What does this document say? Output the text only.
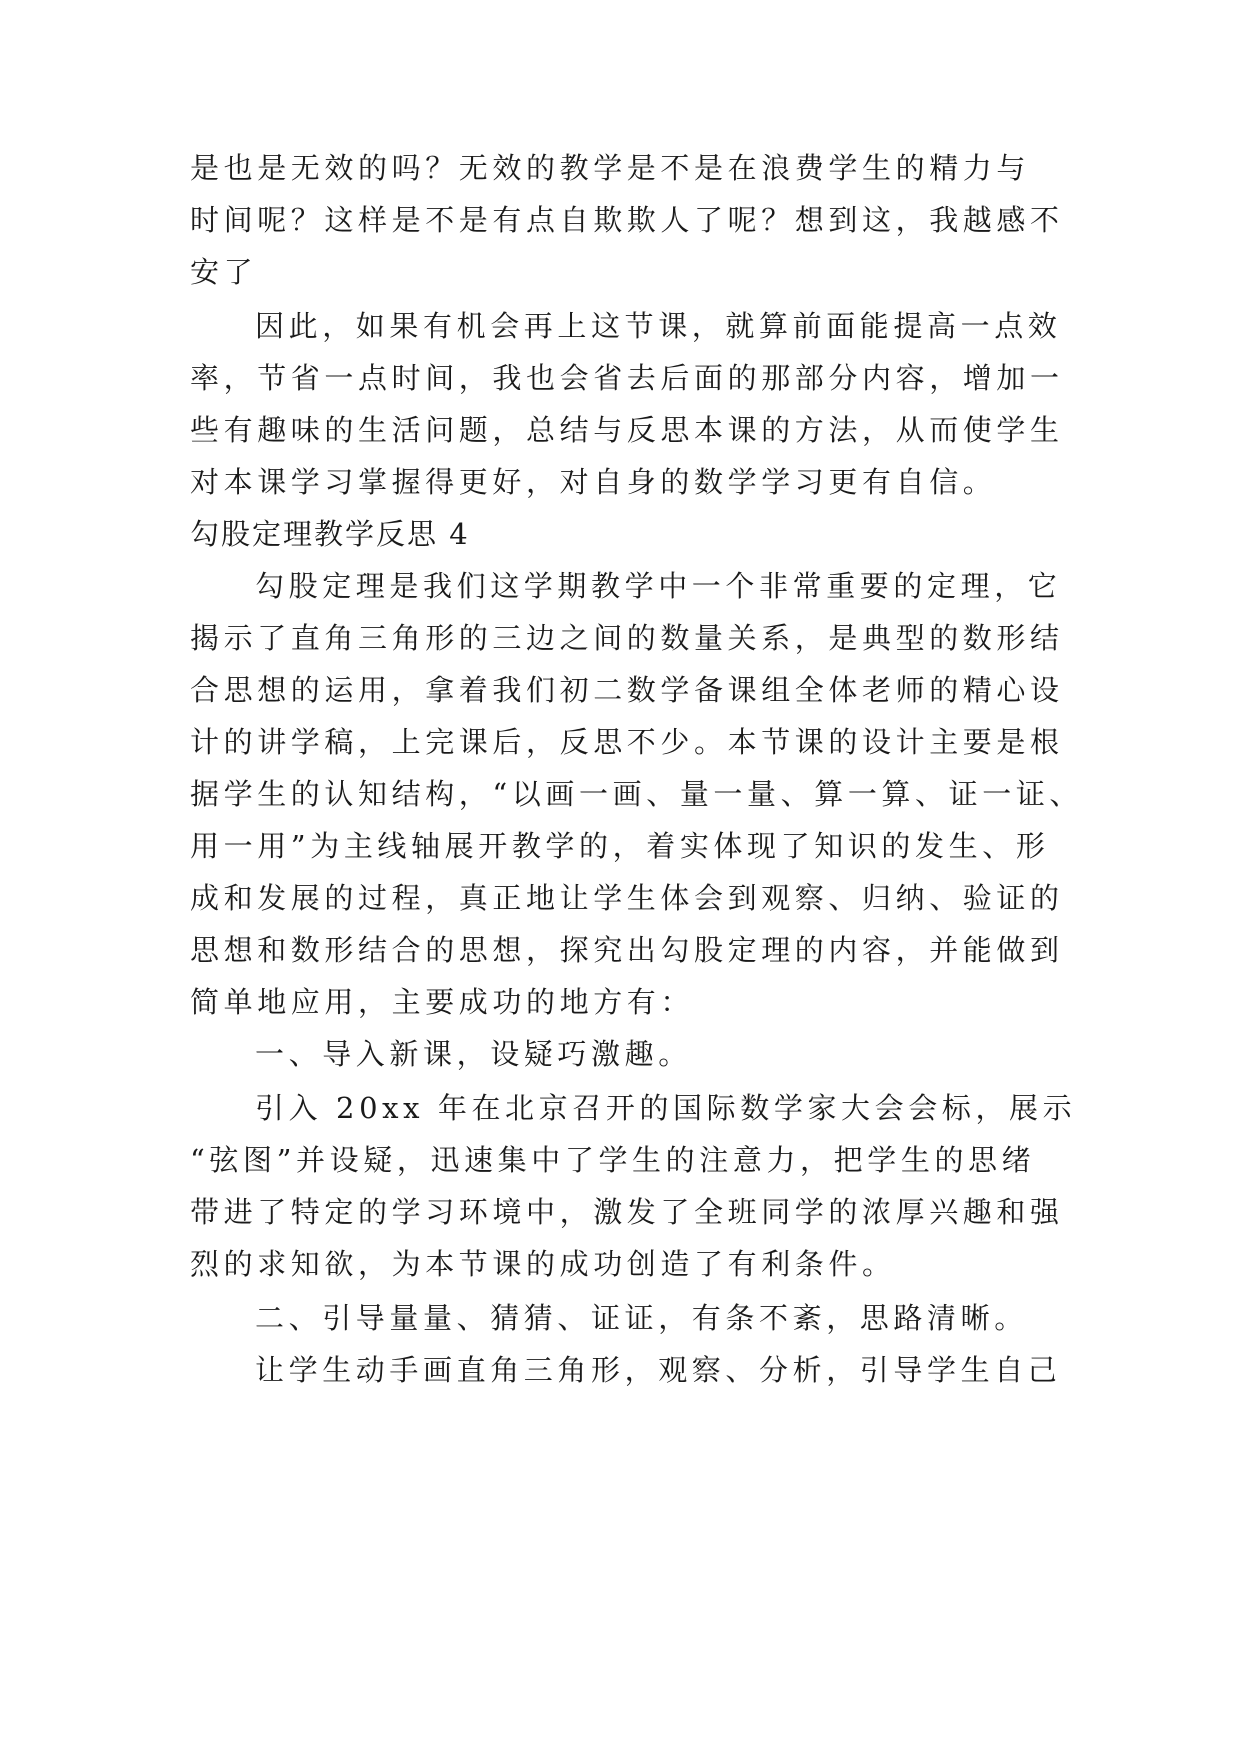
是也是无效的吗？无效的教学是不是在浪费学生的精力与
时间呢？这样是不是有点自欺欺人了呢？想到这，我越感不
安了
因此，如果有机会再上这节课，就算前面能提高一点效
率，节省一点时间，我也会省去后面的那部分内容，增加一
些有趣味的生活问题，总结与反思本课的方法，从而使学生
对本课学习掌握得更好，对自身的数学学习更有自信。
勾股定理教学反思 4
勾股定理是我们这学期教学中一个非常重要的定理，它
揭示了直角三角形的三边之间的数量关系，是典型的数形结
合思想的运用，拿着我们初二数学备课组全体老师的精心设
计的讲学稿，上完课后，反思不少。本节课的设计主要是根
据学生的认知结构，“以画一画、量一量、算一算、证一证、
用一用”为主线轴展开教学的，着实体现了知识的发生、形
成和发展的过程，真正地让学生体会到观察、归纳、验证的
思想和数形结合的思想，探究出勾股定理的内容，并能做到
简单地应用，主要成功的地方有：
一、导入新课，设疑巧激趣。
引入 20xx 年在北京召开的国际数学家大会会标，展示
“弦图”并设疑，迅速集中了学生的注意力，把学生的思绪
带进了特定的学习环境中，激发了全班同学的浓厚兴趣和强
烈的求知欲，为本节课的成功创造了有利条件。
二、引导量量、猜猜、证证，有条不紊，思路清晰。
让学生动手画直角三角形，观察、分析，引导学生自己
